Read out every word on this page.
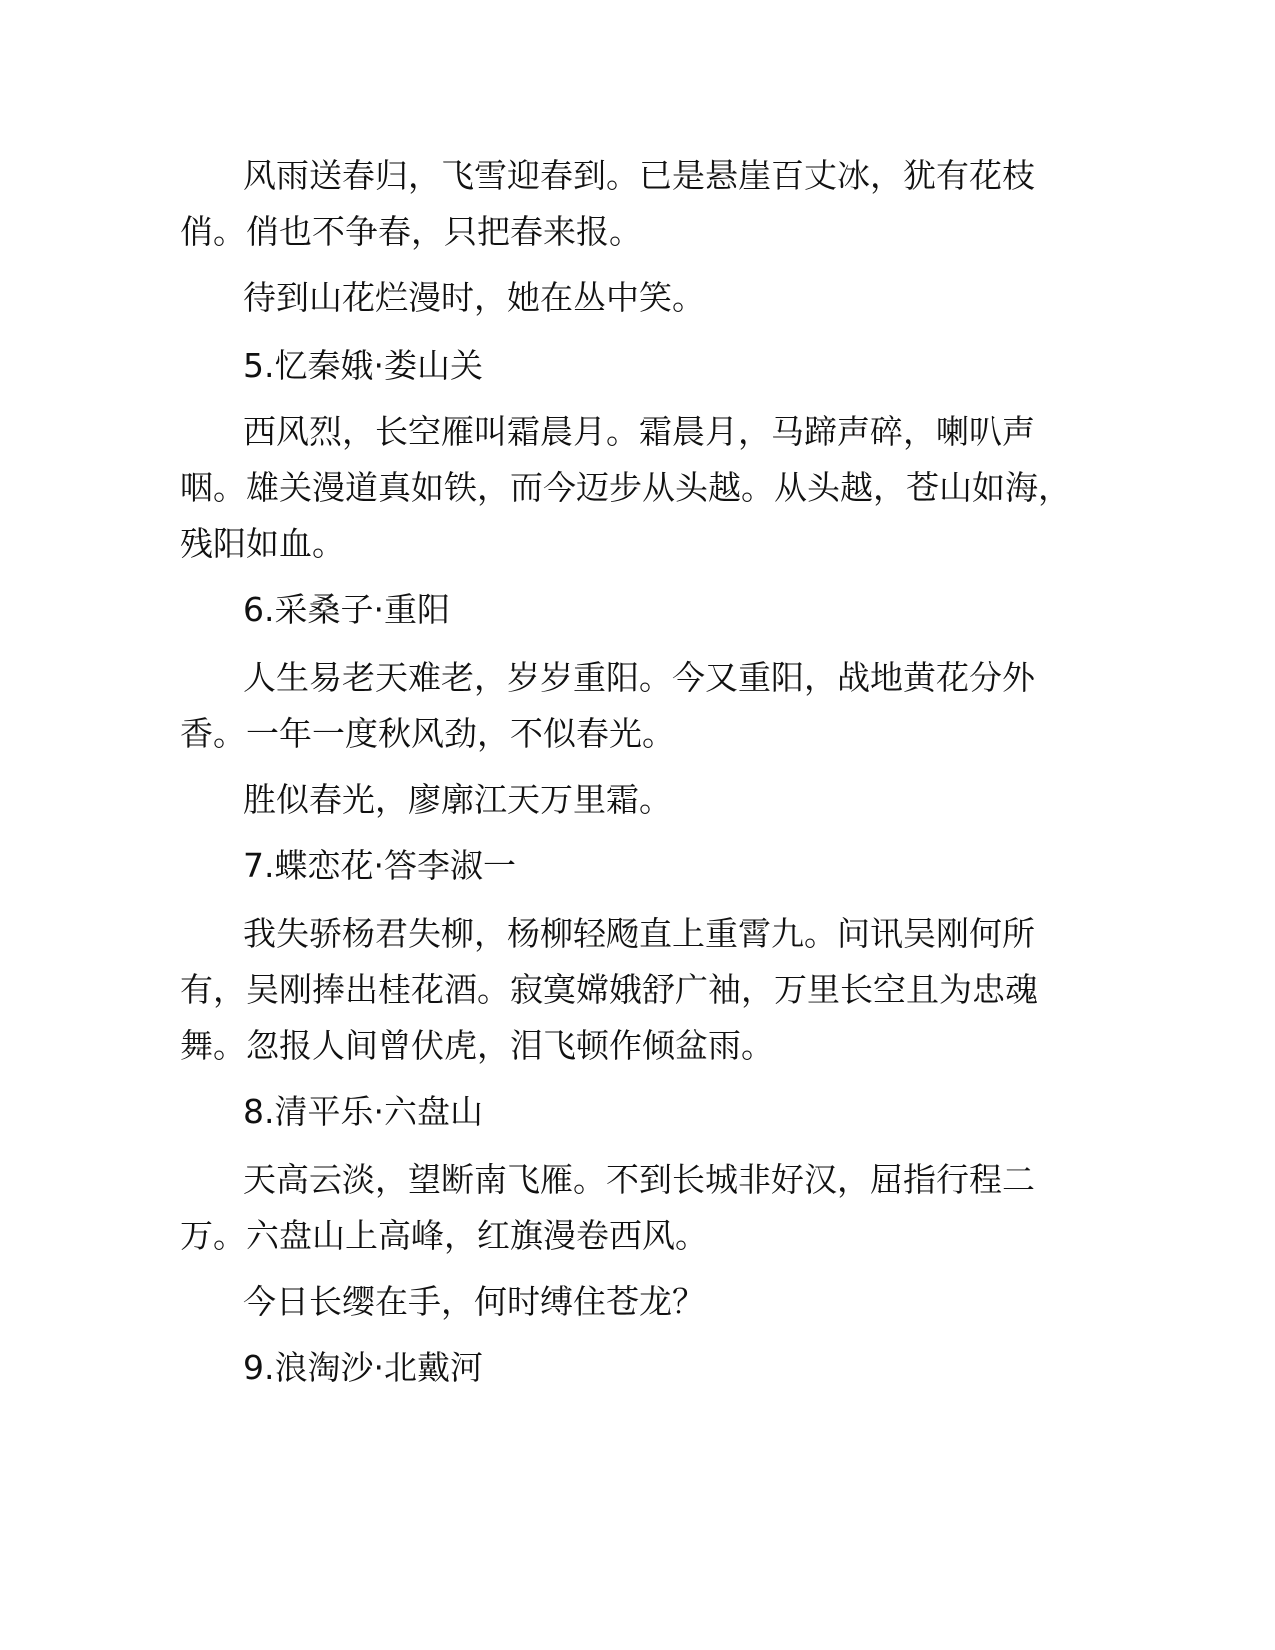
风雨送春归，飞雪迎春到。已是悬崖百丈冰，犹有花枝
俏。俏也不争春，只把春来报。
待到山花烂漫时，她在丛中笑。
5.忆秦娥·娄山关
西风烈，长空雁叫霜晨月。霜晨月，马蹄声碎，喇叭声
咽。雄关漫道真如铁，而今迈步从头越。从头越，苍山如海，
残阳如血。
6.采桑子·重阳
人生易老天难老，岁岁重阳。今又重阳，战地黄花分外
香。一年一度秋风劲，不似春光。
胜似春光，廖廓江天万里霜。
7.蝶恋花·答李淑一
我失骄杨君失柳，杨柳轻飏直上重霄九。问讯吴刚何所
有，吴刚捧出桂花酒。寂寞嫦娥舒广袖，万里长空且为忠魂
舞。忽报人间曾伏虎，泪飞顿作倾盆雨。
8.清平乐·六盘山
天高云淡，望断南飞雁。不到长城非好汉，屈指行程二
万。六盘山上高峰，红旗漫卷西风。
今日长缨在手，何时缚住苍龙？
9.浪淘沙·北戴河
